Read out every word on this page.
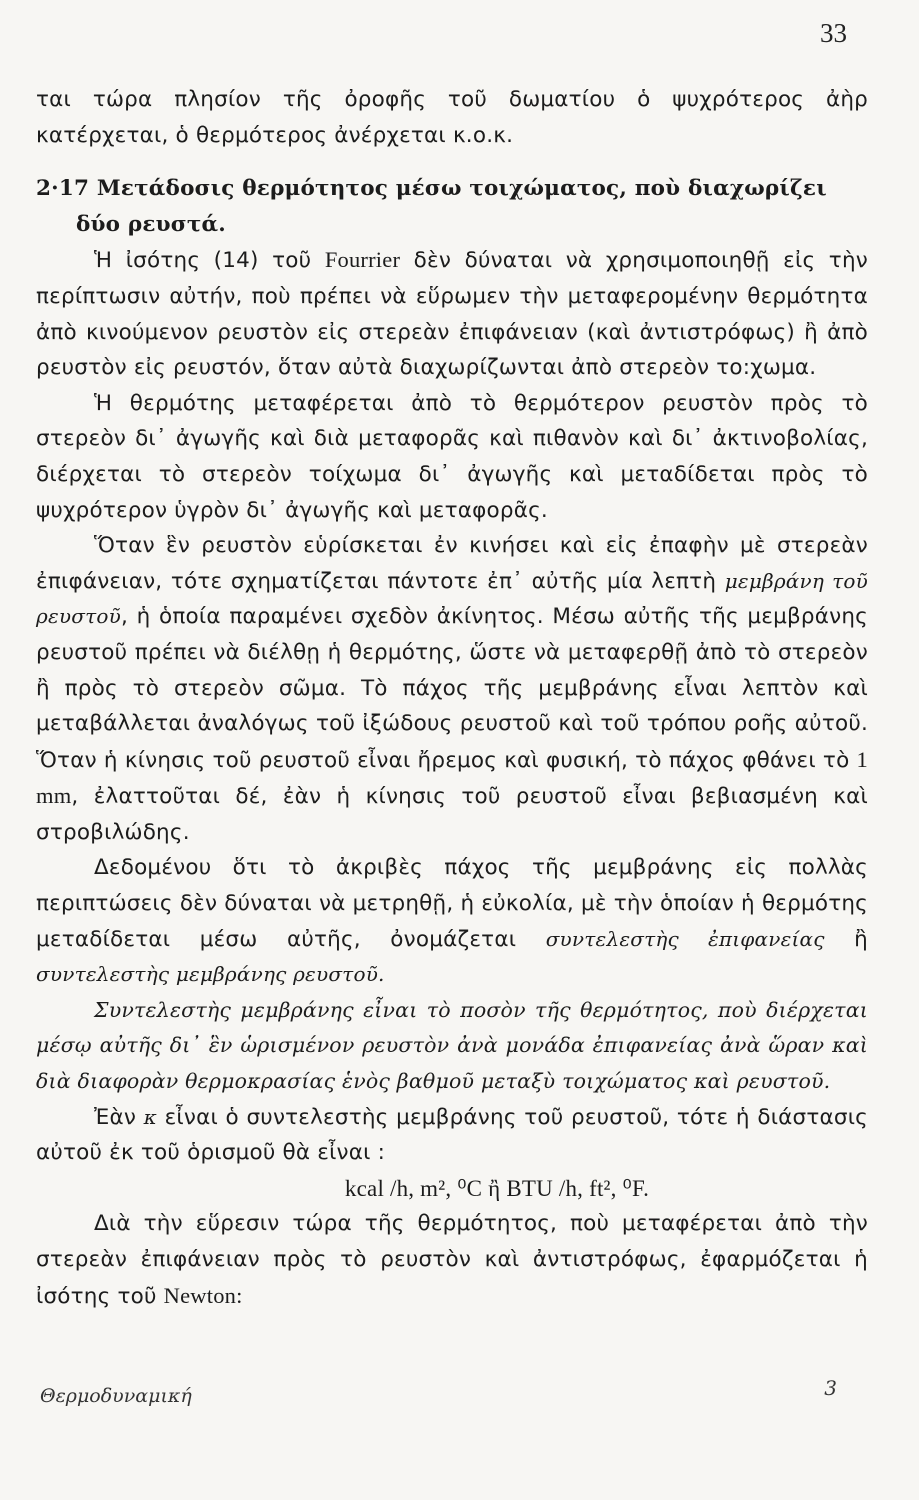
33

ται τώρα πλησίον τῆς ὀροφῆς τοῦ δωματίου ὁ ψυχρότερος ἀὴρ κατέρχεται, ὁ θερμότερος ἀνέρχεται κ.ο.κ.

2·17 Μετάδοσις θερμότητος μέσω τοιχώματος, ποὺ διαχωρίζει δύο ρευστά.

Ἡ ἰσότης (14) τοῦ Fourrier δὲν δύναται νὰ χρησιμοποιηθῇ εἰς τὴν περίπτωσιν αὐτήν, ποὺ πρέπει νὰ εὕρωμεν τὴν μεταφερομένην θερμότητα ἀπὸ κινούμενον ρευστὸν εἰς στερεὰν ἐπιφάνειαν (καὶ ἀντιστρόφως) ἢ ἀπὸ ρευστὸν εἰς ρευστόν, ὅταν αὐτὰ διαχωρίζωνται ἀπὸ στερεὸν το:χωμα.

Ἡ θερμότης μεταφέρεται ἀπὸ τὸ θερμότερον ρευστὸν πρὸς τὸ στερεὸν δι᾿ ἀγωγῆς καὶ διὰ μεταφορᾶς καὶ πιθανὸν καὶ δι᾿ ἀκτινοβολίας, διέρχεται τὸ στερεὸν τοίχωμα δι᾿ ἀγωγῆς καὶ μεταδίδεται πρὸς τὸ ψυχρότερον ὑγρὸν δι᾿ ἀγωγῆς καὶ μεταφορᾶς.

Ὅταν ἓν ρευστὸν εὑρίσκεται ἐν κινήσει καὶ εἰς ἐπαφὴν μὲ στερεὰν ἐπιφάνειαν, τότε σχηματίζεται πάντοτε ἐπ᾿ αὐτῆς μία λεπτὴ μεμβράνη τοῦ ρευστοῦ, ἡ ὁποία παραμένει σχεδὸν ἀκίνητος. Μέσω αὐτῆς τῆς μεμβράνης ρευστοῦ πρέπει νὰ διέλθῃ ἡ θερμότης, ὥστε νὰ μεταφερθῇ ἀπὸ τὸ στερεὸν ἢ πρὸς τὸ στερεὸν σῶμα. Τὸ πάχος τῆς μεμβράνης εἶναι λεπτὸν καὶ μεταβάλλεται ἀναλόγως τοῦ ἰξώδους ρευστοῦ καὶ τοῦ τρόπου ροῆς αὐτοῦ. Ὅταν ἡ κίνησις τοῦ ρευστοῦ εἶναι ἤρεμος καὶ φυσική, τὸ πάχος φθάνει τὸ 1 mm, ἐλαττοῦται δέ, ἐὰν ἡ κίνησις τοῦ ρευστοῦ εἶναι βεβιασμένη καὶ στροβιλώδης.

Δεδομένου ὅτι τὸ ἀκριβὲς πάχος τῆς μεμβράνης εἰς πολλὰς περιπτώσεις δὲν δύναται νὰ μετρηθῇ, ἡ εὐκολία, μὲ τὴν ὁποίαν ἡ θερμότης μεταδίδεται μέσω αὐτῆς, ὀνομάζεται συντελεστὴς ἐπιφανείας ἢ συντελεστὴς μεμβράνης ρευστοῦ.

Συντελεστὴς μεμβράνης εἶναι τὸ ποσὸν τῆς θερμότητος, ποὺ διέρχεται μέσῳ αὐτῆς δι᾿ ἓν ὡρισμένον ρευστὸν ἀνὰ μονάδα ἐπιφανείας ἀνὰ ὥραν καὶ διὰ διαφορὰν θερμοκρασίας ἑνὸς βαθμοῦ μεταξὺ τοιχώματος καὶ ρευστοῦ.

Ἐὰν κ εἶναι ὁ συντελεστὴς μεμβράνης τοῦ ρευστοῦ, τότε ἡ διάστασις αὐτοῦ ἐκ τοῦ ὁρισμοῦ θὰ εἶναι :

kcal /h, m², ⁰C ἢ BTU /h, ft², ⁰F.

Διὰ τὴν εὕρεσιν τώρα τῆς θερμότητος, ποὺ μεταφέρεται ἀπὸ τὴν στερεὰν ἐπιφάνειαν πρὸς τὸ ρευστὸν καὶ ἀντιστρόφως, ἐφαρμόζεται ἡ ἰσότης τοῦ Newton:

Θερμοδυναμική	3
